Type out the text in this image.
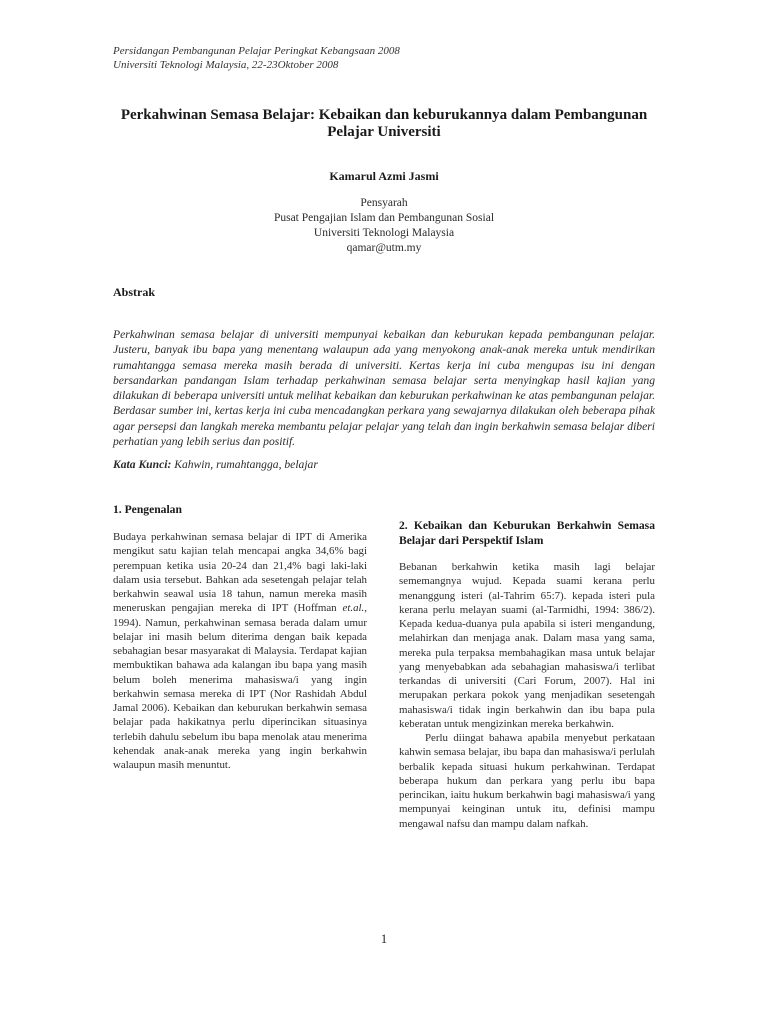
Persidangan Pembangunan Pelajar Peringkat Kebangsaan 2008
Universiti Teknologi Malaysia, 22-23Oktober 2008
Perkahwinan Semasa Belajar: Kebaikan dan keburukannya dalam Pembangunan
Pelajar Universiti
Kamarul Azmi Jasmi
Pensyarah
Pusat Pengajian Islam dan Pembangunan Sosial
Universiti Teknologi Malaysia
qamar@utm.my
Abstrak
Perkahwinan semasa belajar di universiti mempunyai kebaikan dan keburukan kepada pembangunan pelajar. Justeru, banyak ibu bapa yang menentang walaupun ada yang menyokong anak-anak mereka untuk mendirikan rumahtangga semasa mereka masih berada di universiti. Kertas kerja ini cuba mengupas isu ini dengan bersandarkan pandangan Islam terhadap perkahwinan semasa belajar serta menyingkap hasil kajian yang dilakukan di beberapa universiti untuk melihat kebaikan dan keburukan perkahwinan ke atas pembangunan pelajar. Berdasar sumber ini, kertas kerja ini cuba mencadangkan perkara yang sewajarnya dilakukan oleh beberapa pihak agar persepsi dan langkah mereka membantu pelajar pelajar yang telah dan ingin berkahwin semasa belajar diberi perhatian yang lebih serius dan positif.
Kata Kunci: Kahwin, rumahtangga, belajar
1. Pengenalan

Budaya perkahwinan semasa belajar di IPT di Amerika mengikut satu kajian telah mencapai angka 34,6% bagi perempuan ketika usia 20-24 dan 21,4% bagi laki-laki dalam usia tersebut. Bahkan ada sesetengah pelajar telah berkahwin seawal usia 18 tahun, namun mereka masih meneruskan pengajian mereka di IPT (Hoffman et.al., 1994). Namun, perkahwinan semasa berada dalam umur belajar ini masih belum diterima dengan baik kepada sebahagian besar masyarakat di Malaysia. Terdapat kajian membuktikan bahawa ada kalangan ibu bapa yang masih belum boleh menerima mahasiswa/i yang ingin berkahwin semasa mereka di IPT (Nor Rashidah Abdul Jamal 2006). Kebaikan dan keburukan berkahwin semasa belajar pada hakikatnya perlu diperincikan situasinya terlebih dahulu sebelum ibu bapa menolak atau menerima kehendak anak-anak mereka yang ingin berkahwin walaupun masih menuntut.

2. Kebaikan dan Keburukan Berkahwin Semasa Belajar dari Perspektif Islam

Bebanan berkahwin ketika masih lagi belajar sememangnya wujud. Kepada suami kerana perlu menanggung isteri (al-Tahrim 65:7). kepada isteri pula kerana perlu melayan suami (al-Tarmidhi, 1994: 386/2). Kepada kedua-duanya pula apabila si isteri mengandung, melahirkan dan menjaga anak. Dalam masa yang sama, mereka pula terpaksa membahagikan masa untuk belajar yang menyebabkan ada sebahagian mahasiswa/i terlibat terkandas di universiti (Cari Forum, 2007). Hal ini merupakan perkara pokok yang menjadikan sesetengah mahasiswa/i tidak ingin berkahwin dan ibu bapa pula keberatan untuk mengizinkan mereka berkahwin.

Perlu diingat bahawa apabila menyebut perkataan kahwin semasa belajar, ibu bapa dan mahasiswa/i perlulah berbalik kepada situasi hukum perkahwinan. Terdapat beberapa hukum dan perkara yang perlu ibu bapa perincikan, iaitu hukum berkahwin bagi mahasiswa/i yang mempunyai keinginan untuk itu, definisi mampu mengawal nafsu dan mampu dalam nafkah.

1
